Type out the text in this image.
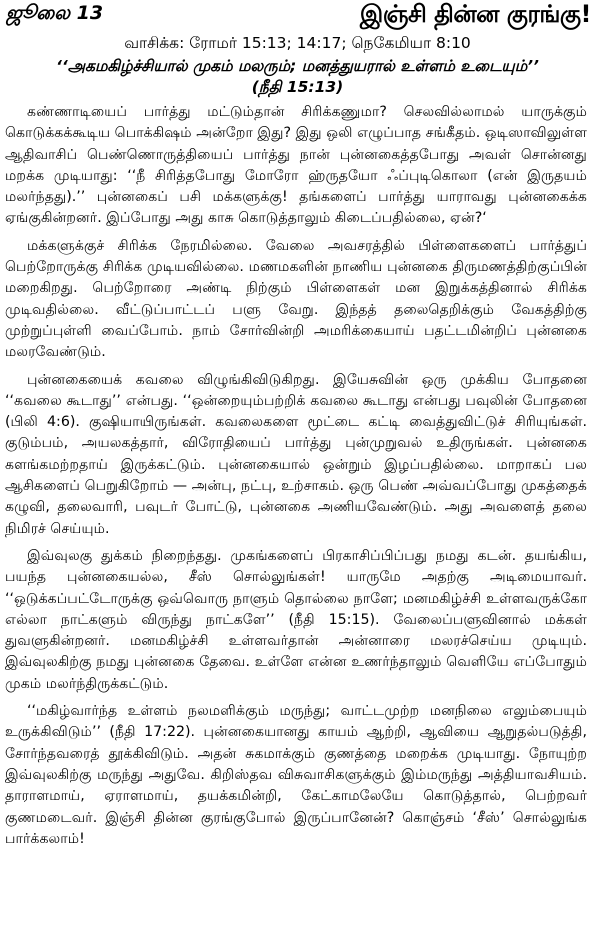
ஜூலை 13	இஞ்சி தின்ன குரங்கு!
வாசிக்க: ரோமர் 15:13; 14:17; நெகேமியா 8:10
‘‘அகமகிழ்ச்சியால் முகம் மலரும்; மனத்துயரால் உள்ளம் உடையும்’’
(நீதி 15:13)

கண்ணாடியைப் பார்த்து மட்டும்தான் சிரிக்கணுமா? செலவில்லாமல் யாருக்கும் கொடுக்கக்கூடிய பொக்கிஷம் அன்றோ இது? இது ஒலி எழுப்பாத சங்கீதம். ஒடிஸாவிலுள்ள ஆதிவாசிப் பெண்ணொருத்தியைப் பார்த்து நான் புன்னகைத்தபோது அவள் சொன்னது மறக்க முடியாது: ‘‘நீ சிரித்தபோது மோரோ ஹ்ருதயோ ஃப்புடிகொலா (என் இருதயம் மலர்ந்தது).’’ புன்னகைப் பசி மக்களுக்கு! தங்களைப் பார்த்து யாராவது புன்னகைக்க ஏங்குகின்றனர். இப்போது அது காசு கொடுத்தாலும் கிடைப்பதில்லை, ஏன்?‘

மக்களுக்குச் சிரிக்க நேரமில்லை. வேலை அவசரத்தில் பிள்ளைகளைப் பார்த்துப் பெற்றோருக்கு சிரிக்க முடியவில்லை. மணமகளின் நாணிய புன்னகை திருமணத்திற்குப்பின் மறைகிறது. பெற்றோரை அண்டி நிற்கும் பிள்ளைகள் மன இறுக்கத்தினால் சிரிக்க முடிவதில்லை. வீட்டுப்பாட்டப் பளு வேறு. இந்தத் தலைதெறிக்கும் வேகத்திற்கு முற்றுப்புள்ளி வைப்போம். நாம் சோர்வின்றி அமரிக்கையாய் பதட்டமின்றிப் புன்னகை மலரவேண்டும்.

புன்னகையைக் கவலை விழுங்கிவிடுகிறது. இயேசுவின் ஒரு முக்கிய போதனை ‘‘கவலை கூடாது’’ என்பது. ‘‘ஒன்றையும்பற்றிக் கவலை கூடாது என்பது பவுலின் போதனை (பிலி 4:6). குஷியாயிருங்கள். கவலைகளை மூட்டை கட்டி வைத்துவிட்டுச் சிரியுங்கள். குடும்பம், அயலகத்தார், விரோதியைப் பார்த்து புன்முறுவல் உதிருங்கள். புன்னகை களங்கமற்றதாய் இருக்கட்டும். புன்னகையால் ஒன்றும் இழப்பதில்லை. மாறாகப் பல ஆசிகளைப் பெறுகிறோம் — அன்பு, நட்பு, உற்சாகம். ஒரு பெண் அவ்வப்போது முகத்தைக் கழுவி, தலைவாரி, பவுடர் போட்டு, புன்னகை அணியவேண்டும். அது அவளைத் தலை நிமிரச் செய்யும்.

இவ்வுலகு துக்கம் நிறைந்தது. முகங்களைப் பிரகாசிப்பிப்பது நமது கடன். தயங்கிய, பயந்த புன்னகையல்ல, சீஸ் சொல்லுங்கள்! யாருமே அதற்கு அடிமையாவர். ‘‘ஒடுக்கப்பட்டோருக்கு ஒவ்வொரு நாளும் தொல்லை நாளே; மனமகிழ்ச்சி உள்ளவருக்கோ எல்லா நாட்களும் விருந்து நாட்களே’’ (நீதி 15:15). வேலைப்பளுவினால் மக்கள் துவளுகின்றனர். மனமகிழ்ச்சி உள்ளவர்தான் அன்னாரை மலரச்செய்ய முடியும். இவ்வுலகிற்கு நமது புன்னகை தேவை. உள்ளே என்ன உணர்ந்தாலும் வெளியே எப்போதும் முகம் மலர்ந்திருக்கட்டும்.

‘‘மகிழ்வார்ந்த உள்ளம் நலமளிக்கும் மருந்து; வாட்டமுற்ற மனநிலை எலும்பையும் உருக்கிவிடும்’’ (நீதி 17:22). புன்னகையானது காயம் ஆற்றி, ஆவியை ஆறுதல்படுத்தி, சோர்ந்தவரைத் தூக்கிவிடும். அதன் சுகமாக்கும் குணத்தை மறைக்க முடியாது. நோயுற்ற இவ்வுலகிற்கு மருந்து அதுவே. கிறிஸ்தவ விசுவாசிகளுக்கும் இம்மருந்து அத்தியாவசியம். தாராளமாய், ஏராளமாய், தயக்கமின்றி, கேட்காமலேயே கொடுத்தால், பெற்றவர் குணமடைவர். இஞ்சி தின்ன குரங்குபோல் இருப்பானேன்? கொஞ்சம் ‘சீஸ்’ சொல்லுங்க பார்க்கலாம்!
